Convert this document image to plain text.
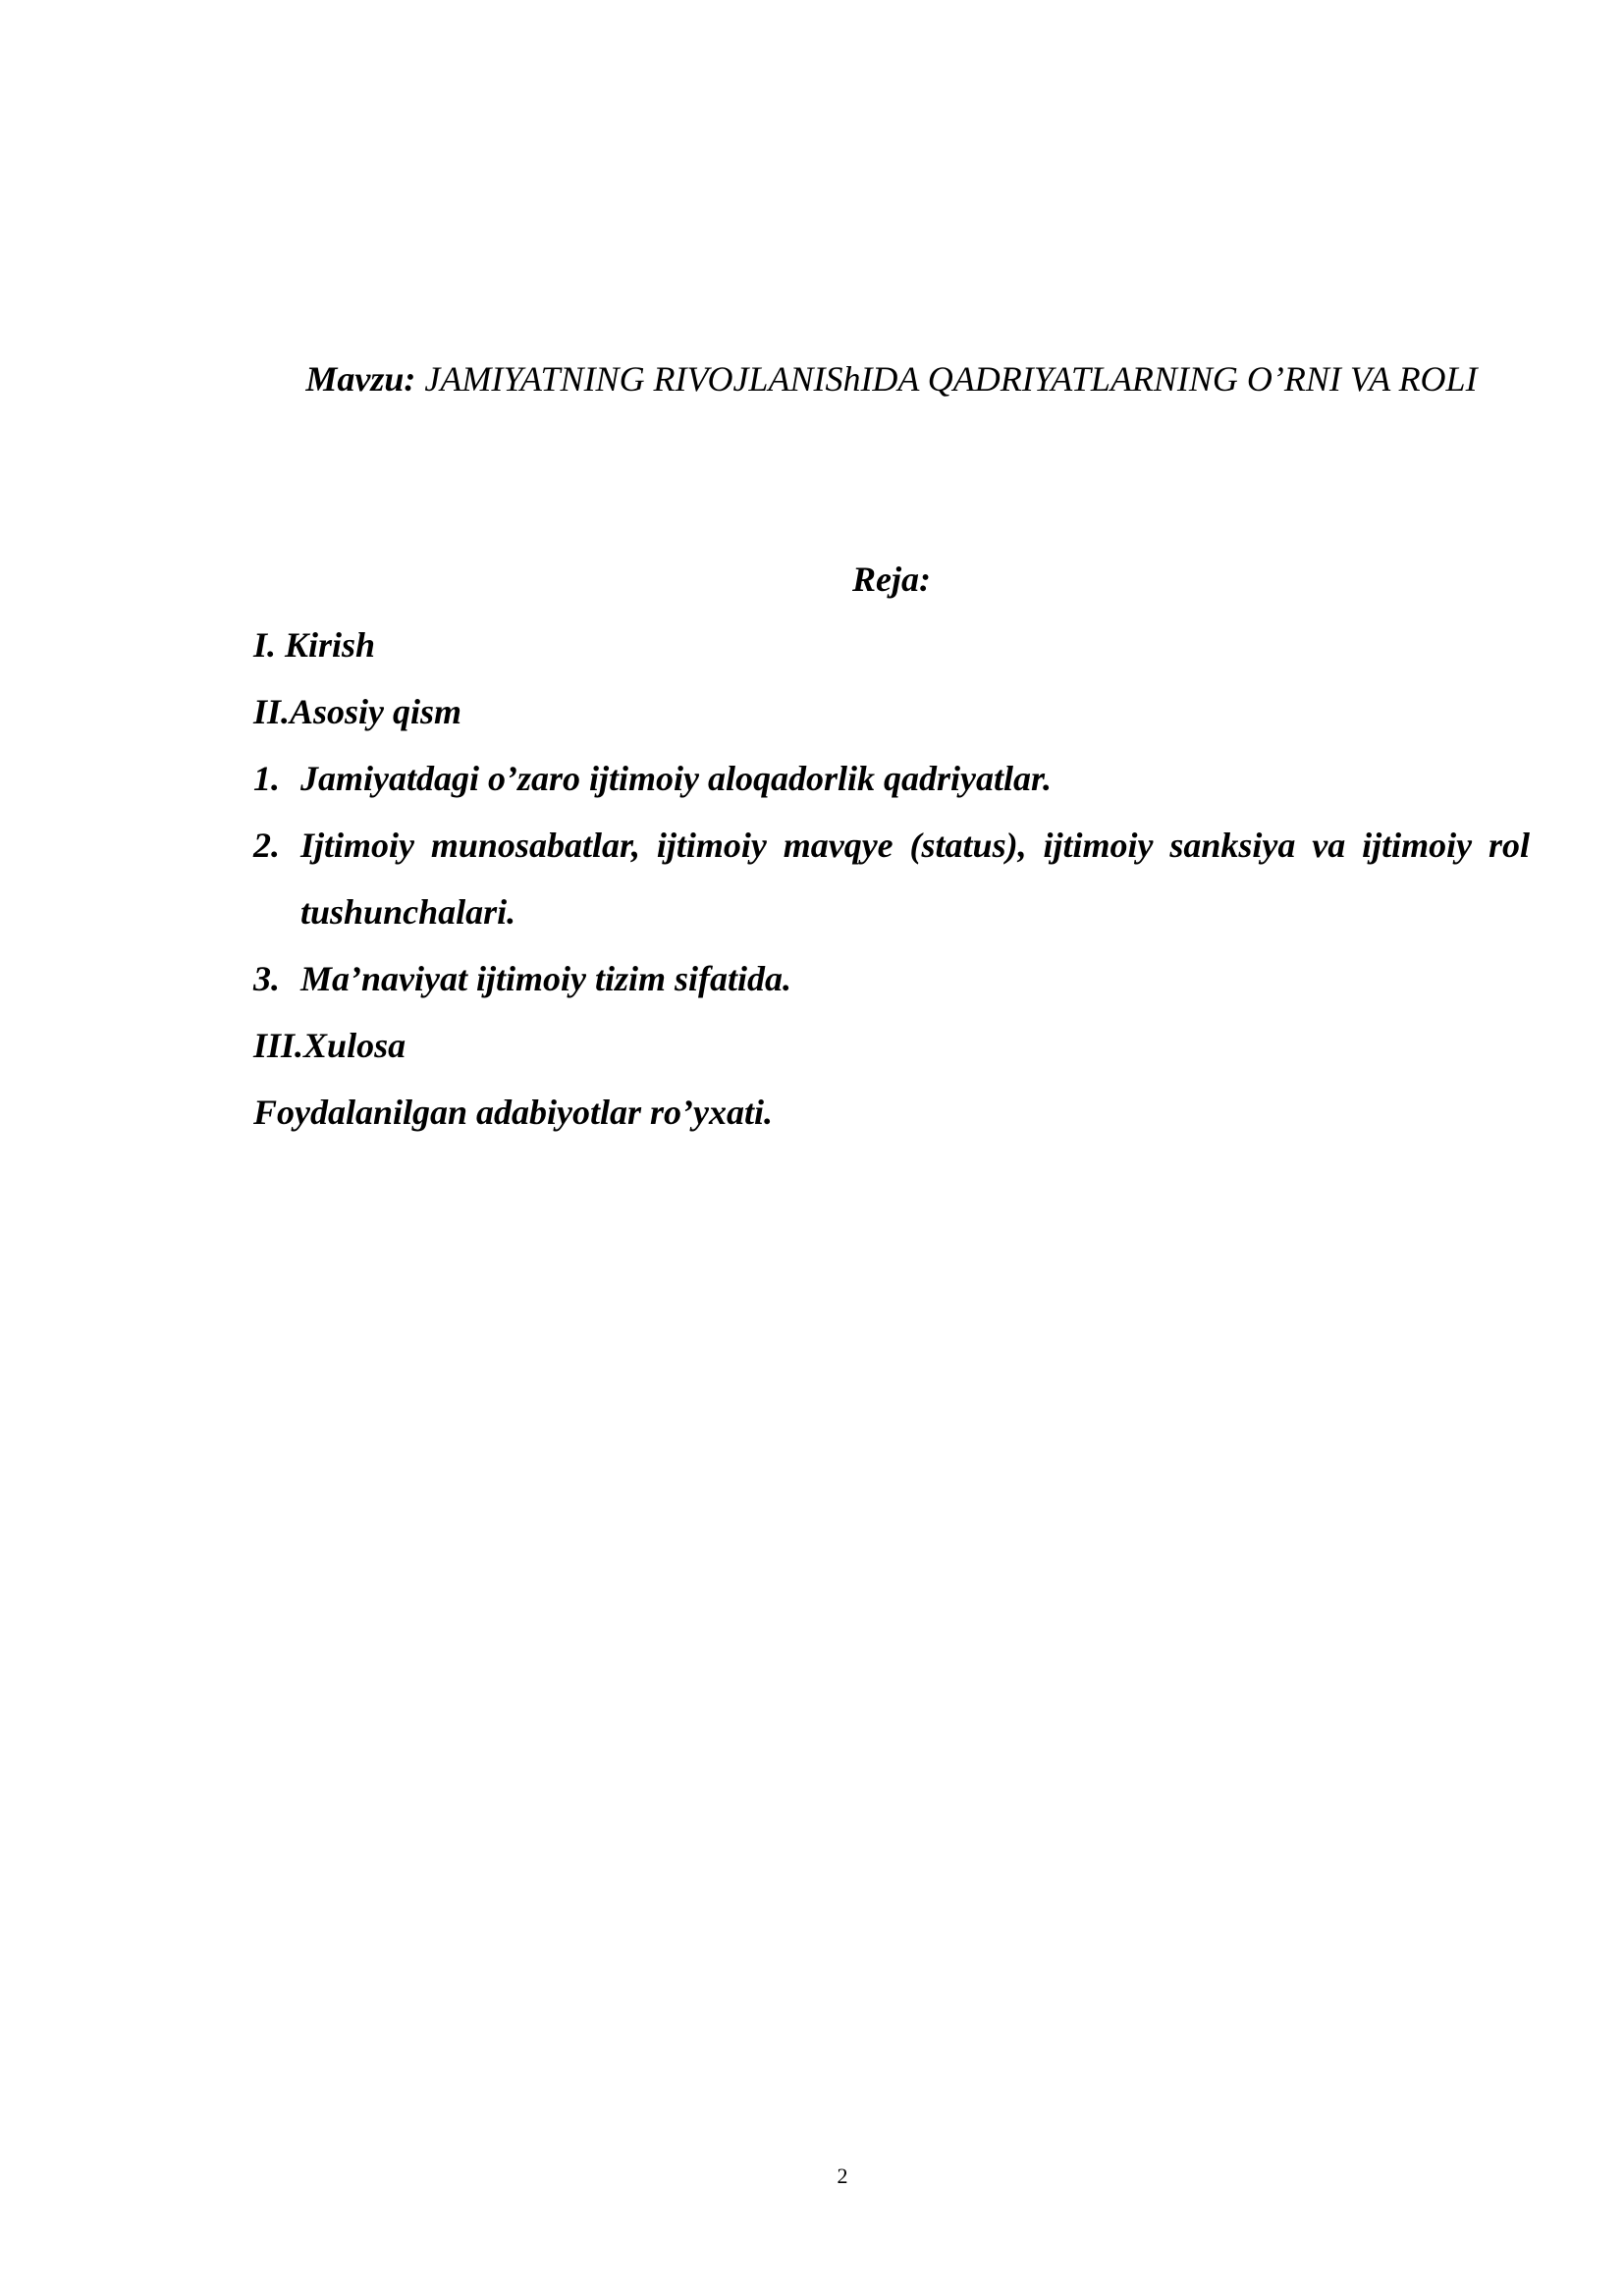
Mavzu: JAMIYATNING RIVOJLANIShIDA QADRIYATLARNING O’RNI VA ROLI

Reja:

I. Kirish
II.Asosiy qism
1. Jamiyatdagi o’zaro ijtimoiy aloqadorlik qadriyatlar.
2. Ijtimoiy munosabatlar, ijtimoiy mavqye (status), ijtimoiy sanksiya va ijtimoiy rol tushunchalari.
3. Ma’naviyat ijtimoiy tizim sifatida.
III.Xulosa
Foydalanilgan adabiyotlar ro’yxati.
2
